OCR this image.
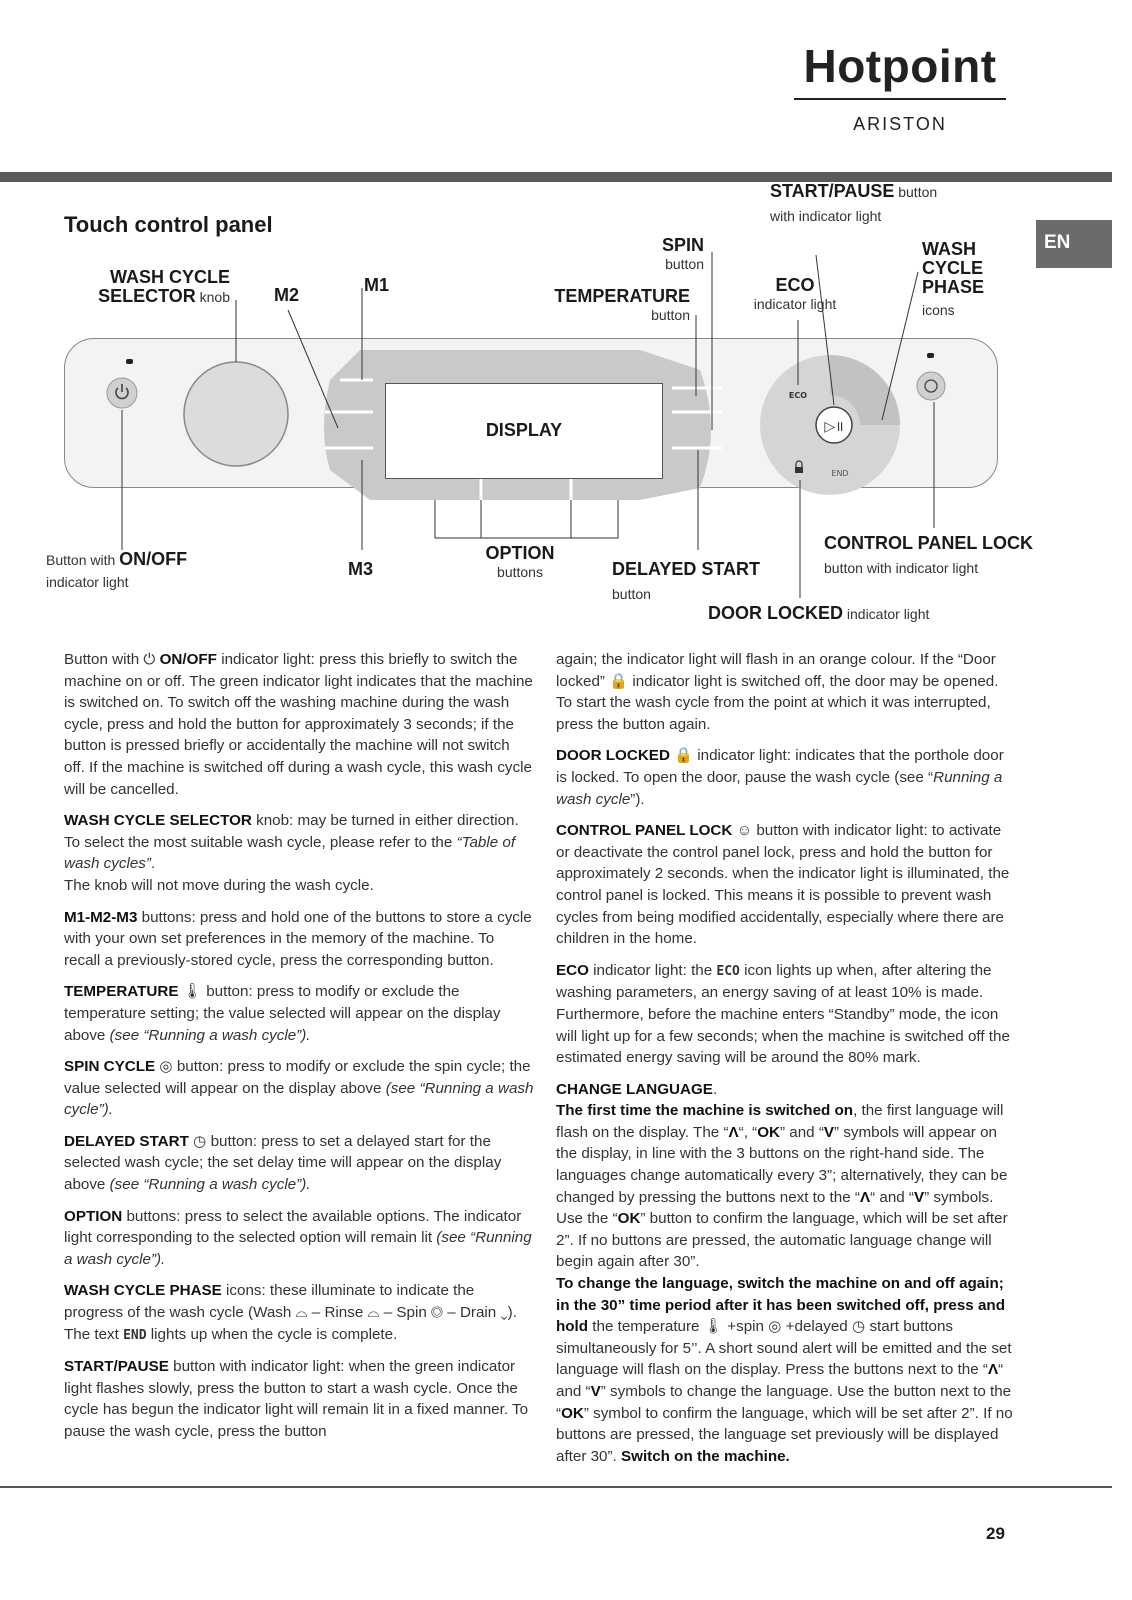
Hotpoint
ARISTON
EN
Touch control panel
WASH CYCLE
SELECTOR knob M2	M1
M3
SPIN
button
TEMPERATURE
button
START/PAUSE button
with indicator light
ECO
indicator light
WASH
CYCLE
PHASE
icons
Button with ON/OFF
indicator light
OPTION
buttons	DELAYED START
button
CONTROL PANEL LOCK
button with indicator light
DOOR LOCKED indicator light
▷॥
ECO
END
DISPLAY

Button with ⏻ ON/OFF indicator light: press this briefly to switch the machine on or off. The green indicator light indicates that the machine is switched on. To switch off the washing machine during the wash cycle, press and hold the button for approximately 3 seconds; if the button is pressed briefly or accidentally the machine will not switch off. If the machine is switched off during a wash cycle, this wash cycle will be cancelled.

WASH CYCLE SELECTOR knob: may be turned in either direction. To select the most suitable wash cycle, please refer to the “Table of wash cycles”.
The knob will not move during the wash cycle.

M1-M2-M3 buttons: press and hold one of the buttons to store a cycle with your own set preferences in the memory of the machine. To recall a previously-stored cycle, press the corresponding button.

TEMPERATURE 🌡 button: press to modify or exclude the temperature setting; the value selected will appear on the display above (see “Running a wash cycle”).

SPIN CYCLE ◎ button: press to modify or exclude the spin cycle; the value selected will appear on the display above (see “Running a wash cycle”).

DELAYED START ◷ button: press to set a delayed start for the selected wash cycle; the set delay time will appear on the display above (see “Running a wash cycle”).

OPTION buttons: press to select the available options. The indicator light corresponding to the selected option will remain lit (see “Running a wash cycle”).

WASH CYCLE PHASE icons: these illuminate to indicate the progress of the wash cycle (Wash ⌓ – Rinse ⌓ – Spin ◎ – Drain ⌄). The text END lights up when the cycle is complete.

START/PAUSE button with indicator light: when the green indicator light flashes slowly, press the button to start a wash cycle. Once the cycle has begun the indicator light will remain lit in a fixed manner. To pause the wash cycle, press the button

again; the indicator light will flash in an orange colour. If the “Door locked” 🔒 indicator light is switched off, the door may be opened. To start the wash cycle from the point at which it was interrupted, press the button again.

DOOR LOCKED 🔒 indicator light: indicates that the porthole door is locked. To open the door, pause the wash cycle (see “Running a wash cycle”).

CONTROL PANEL LOCK ☺ button with indicator light: to activate or deactivate the control panel lock, press and hold the button for approximately 2 seconds. when the indicator light is illuminated, the control panel is locked. This means it is possible to prevent wash cycles from being modified accidentally, especially where there are children in the home.

ECO indicator light: the ECO icon lights up when, after altering the washing parameters, an energy saving of at least 10% is made. Furthermore, before the machine enters “Standby” mode, the icon will light up for a few seconds; when the machine is switched off the estimated energy saving will be around the 80% mark.

CHANGE LANGUAGE.

The first time the machine is switched on, the first language will flash on the display. The “Λ“, “OK” and “V” symbols will appear on the display, in line with the 3 buttons on the right-hand side. The languages change automatically every 3”; alternatively, they can be changed by pressing the buttons next to the “Λ“ and “V” symbols. Use the “OK” button to confirm the language, which will be set after 2”. If no buttons are pressed, the automatic language change will begin again after 30”.

To change the language, switch the machine on and off again; in the 30” time period after it has been switched off, press and hold the temperature 🌡 +spin ◎ +delayed ◷ start buttons simultaneously for 5’’. A short sound alert will be emitted and the set language will flash on the display. Press the buttons next to the “Λ“ and “V” symbols to change the language. Use the button next to the “OK” symbol to confirm the language, which will be set after 2”. If no buttons are pressed, the language set previously will be displayed after 30”. Switch on the machine.

29
